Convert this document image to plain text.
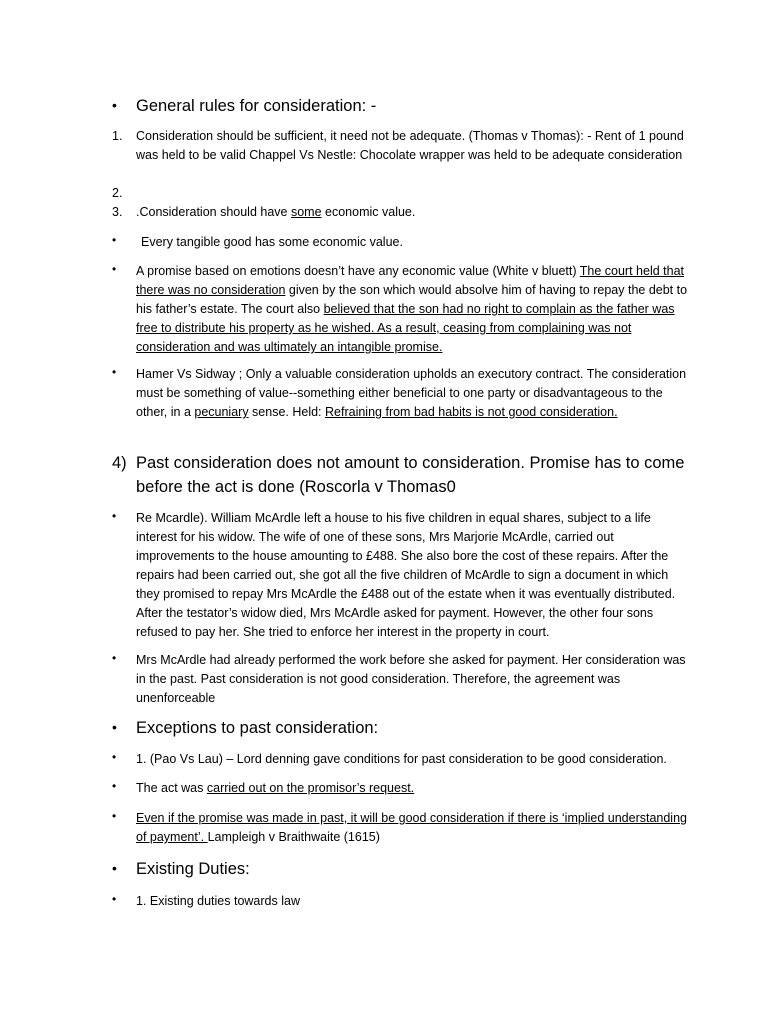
• General rules for consideration: -
1. Consideration should be sufficient, it need not be adequate. (Thomas v Thomas): - Rent of 1 pound was held to be valid Chappel Vs Nestle: Chocolate wrapper was held to be adequate consideration
2.
3. .Consideration should have some economic value.
• Every tangible good has some economic value.
• A promise based on emotions doesn’t have any economic value (White v bluett) The court held that there was no consideration given by the son which would absolve him of having to repay the debt to his father’s estate. The court also believed that the son had no right to complain as the father was free to distribute his property as he wished. As a result, ceasing from complaining was not consideration and was ultimately an intangible promise.
• Hamer Vs Sidway ; Only a valuable consideration upholds an executory contract. The consideration must be something of value--something either beneficial to one party or disadvantageous to the other, in a pecuniary sense. Held: Refraining from bad habits is not good consideration.
4) Past consideration does not amount to consideration. Promise has to come before the act is done (Roscorla v Thomas0
• Re Mcardle). William McArdle left a house to his five children in equal shares, subject to a life interest for his widow. The wife of one of these sons, Mrs Marjorie McArdle, carried out improvements to the house amounting to £488. She also bore the cost of these repairs. After the repairs had been carried out, she got all the five children of McArdle to sign a document in which they promised to repay Mrs McArdle the £488 out of the estate when it was eventually distributed. After the testator’s widow died, Mrs McArdle asked for payment. However, the other four sons refused to pay her. She tried to enforce her interest in the property in court.
• Mrs McArdle had already performed the work before she asked for payment. Her consideration was in the past. Past consideration is not good consideration. Therefore, the agreement was unenforceable
• Exceptions to past consideration:
• 1. (Pao Vs Lau) – Lord denning gave conditions for past consideration to be good consideration.
• The act was carried out on the promisor’s request.
• Even if the promise was made in past, it will be good consideration if there is ‘implied understanding of payment’. Lampleigh v Braithwaite (1615)
• Existing Duties:
• 1. Existing duties towards law
